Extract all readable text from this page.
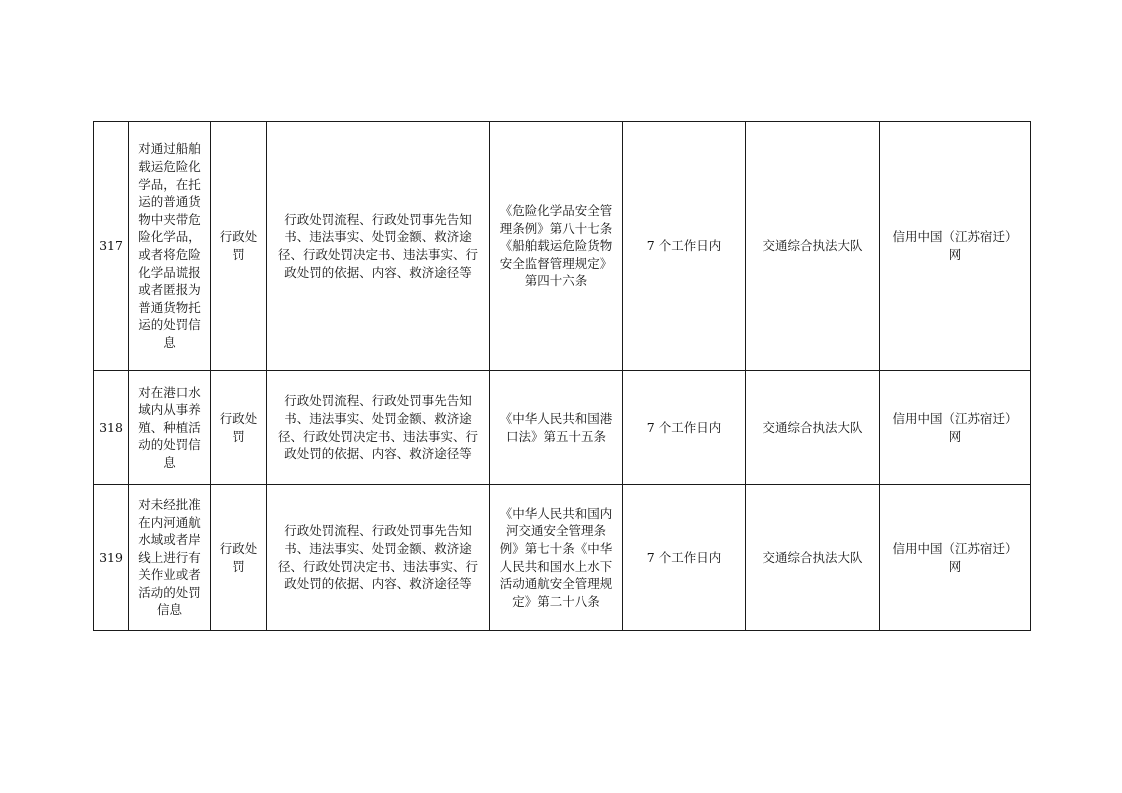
317	对通过船舶载运危险化学品，在托运的普通货物中夹带危险化学品，或者将危险化学品谎报或者匿报为普通货物托运的处罚信息	行政处罚	行政处罚流程、行政处罚事先告知书、违法事实、处罚金额、救济途径、行政处罚决定书、违法事实、行政处罚的依据、内容、救济途径等	《危险化学品安全管理条例》第八十七条《船舶载运危险货物安全监督管理规定》第四十六条	7 个工作日内	交通综合执法大队	信用中国（江苏宿迁）网

318	对在港口水域内从事养殖、种植活动的处罚信息	行政处罚	行政处罚流程、行政处罚事先告知书、违法事实、处罚金额、救济途径、行政处罚决定书、违法事实、行政处罚的依据、内容、救济途径等	《中华人民共和国港口法》第五十五条	7 个工作日内	交通综合执法大队	信用中国（江苏宿迁）网

319	对未经批准在内河通航水域或者岸线上进行有关作业或者活动的处罚信息	行政处罚	行政处罚流程、行政处罚事先告知书、违法事实、处罚金额、救济途径、行政处罚决定书、违法事实、行政处罚的依据、内容、救济途径等	《中华人民共和国内河交通安全管理条例》第七十条《中华人民共和国水上水下活动通航安全管理规定》第二十八条	7 个工作日内	交通综合执法大队	信用中国（江苏宿迁）网
